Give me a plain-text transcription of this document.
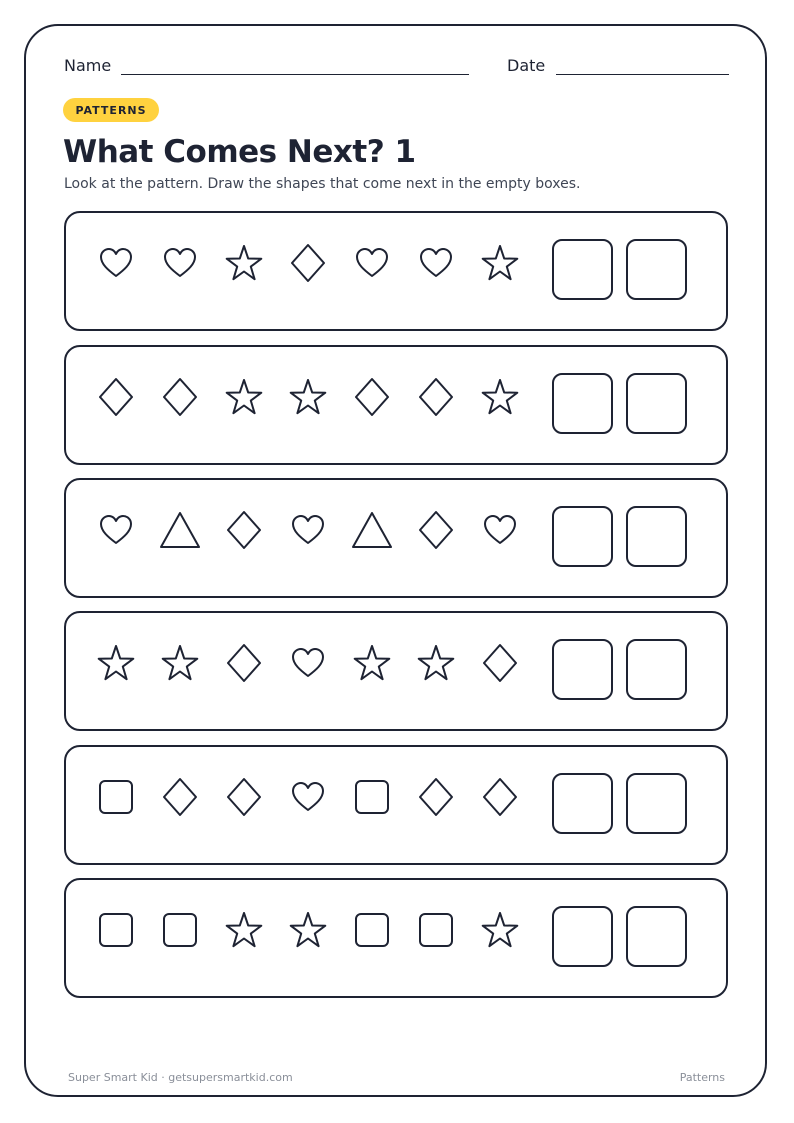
Name	Date
PATTERNS
What Comes Next? 1
Look at the pattern. Draw the shapes that come next in the empty boxes.
Super Smart Kid · getsupersmartkid.com	Patterns
